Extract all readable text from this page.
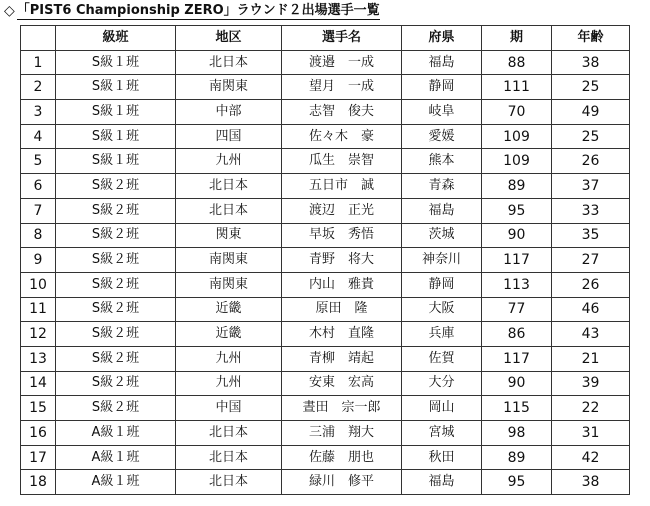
◇ 「PIST6 Championship ZERO」ラウンド２出場選手一覧
	級班	地区	選手名	府県	期	年齢
1	S級１班	北日本	渡邉　一成	福島	88	38
2	S級１班	南関東	望月　一成	静岡	111	25
3	S級１班	中部	志智　俊夫	岐阜	70	49
4	S級１班	四国	佐々木　豪	愛媛	109	25
5	S級１班	九州	瓜生　崇智	熊本	109	26
6	S級２班	北日本	五日市　誠	青森	89	37
7	S級２班	北日本	渡辺　正光	福島	95	33
8	S級２班	関東	早坂　秀悟	茨城	90	35
9	S級２班	南関東	青野　将大	神奈川	117	27
10	S級２班	南関東	内山　雅貴	静岡	113	26
11	S級２班	近畿	原田　隆	大阪	77	46
12	S級２班	近畿	木村　直隆	兵庫	86	43
13	S級２班	九州	青柳　靖起	佐賀	117	21
14	S級２班	九州	安東　宏高	大分	90	39
15	S級２班	中国	晝田　宗一郎	岡山	115	22
16	A級１班	北日本	三浦　翔大	宮城	98	31
17	A級１班	北日本	佐藤　朋也	秋田	89	42
18	A級１班	北日本	緑川　修平	福島	95	38
